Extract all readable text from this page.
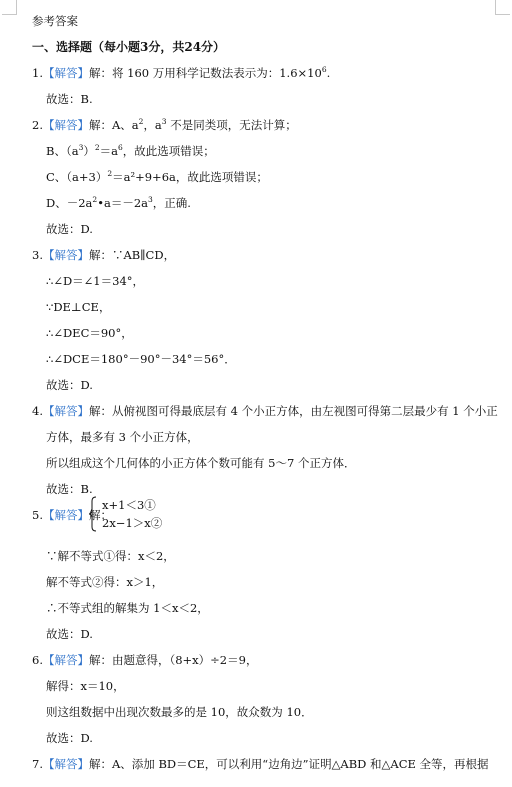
参考答案
一、选择题（每小题3分，共24分）
1.【解答】解：将 160 万用科学记数法表示为：$1.6\times 10^6$.
故选：B.
2.【解答】解：A、$a^2$，$a^3$ 不是同类项，无法计算；
B、$(a^3)^2=a^6$，故此选项错误；
C、$(a+3)^2=a^2+9+6a$，故此选项错误；
D、$-2a^2•a=-2a^3$，正确.
故选：D.
3.【解答】解：∵AB∥CD，
∴∠D＝∠1＝34°，
∵DE⊥CE，
∴∠DEC＝90°，
∴∠DCE＝180°－90°－34°＝56°．
故选：D.
4.【解答】解：从俯视图可得最底层有 4 个小正方体，由左视图可得第二层最少有 1 个小正
方体，最多有 3 个小正方体，
所以组成这个几何体的小正方体个数可能有 5～7 个正方体．
故选：B.
5.【解答】解：
x+1＜3①
2x−1＞x②
∵解不等式①得：x＜2，
解不等式②得：x＞1，
∴不等式组的解集为 1＜x＜2，
故选：D.
6.【解答】解：由题意得，（8+x）÷2＝9，
解得：x＝10，
则这组数据中出现次数最多的是 10，故众数为 10．
故选：D.
7.【解答】解：A、添加 BD＝CE，可以利用“边角边”证明△ABD 和△ACE 全等，再根据
